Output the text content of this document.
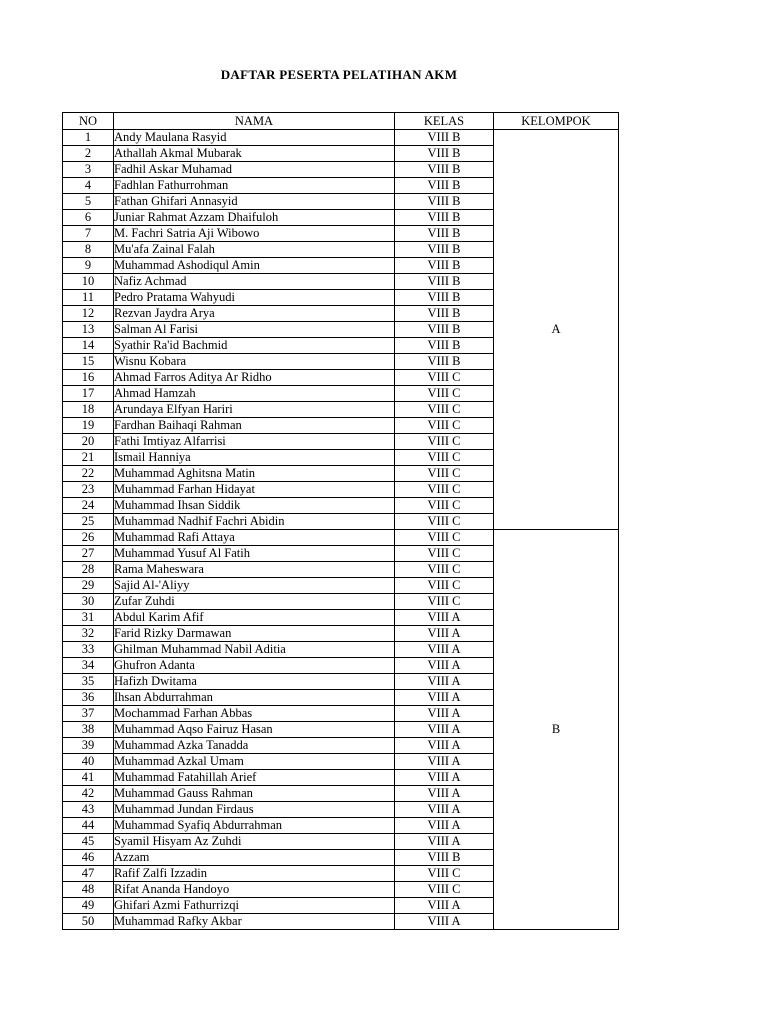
DAFTAR PESERTA PELATIHAN AKM
NO	NAMA	KELAS	KELOMPOK
1	Andy Maulana Rasyid	VIII B	A
2	Athallah Akmal Mubarak	VIII B	
3	Fadhil Askar Muhamad	VIII B	
4	Fadhlan Fathurrohman	VIII B	
5	Fathan Ghifari Annasyid	VIII B	
6	Juniar Rahmat Azzam Dhaifuloh	VIII B	
7	M. Fachri Satria Aji Wibowo	VIII B	
8	Mu'afa Zainal Falah	VIII B	
9	Muhammad Ashodiqul Amin	VIII B	
10	Nafiz Achmad	VIII B	
11	Pedro Pratama Wahyudi	VIII B	
12	Rezvan Jaydra Arya	VIII B	
13	Salman Al Farisi	VIII B	
14	Syathir Ra'id Bachmid	VIII B	
15	Wisnu Kobara	VIII B	
16	Ahmad Farros Aditya Ar Ridho	VIII C	
17	Ahmad Hamzah	VIII C	
18	Arundaya Elfyan Hariri	VIII C	
19	Fardhan Baihaqi Rahman	VIII C	
20	Fathi Imtiyaz Alfarrisi	VIII C	
21	Ismail Hanniya	VIII C	
22	Muhammad Aghitsna Matin	VIII C	
23	Muhammad Farhan Hidayat	VIII C	
24	Muhammad Ihsan Siddik	VIII C	
25	Muhammad Nadhif Fachri Abidin	VIII C	
26	Muhammad Rafi Attaya	VIII C	B
27	Muhammad Yusuf Al Fatih	VIII C	
28	Rama Maheswara	VIII C	
29	Sajid Al-'Aliyy	VIII C	
30	Zufar Zuhdi	VIII C	
31	Abdul Karim Afif	VIII A	
32	Farid Rizky Darmawan	VIII A	
33	Ghilman Muhammad Nabil Aditia	VIII A	
34	Ghufron Adanta	VIII A	
35	Hafizh Dwitama	VIII A	
36	Ihsan Abdurrahman	VIII A	
37	Mochammad Farhan Abbas	VIII A	
38	Muhammad Aqso Fairuz Hasan	VIII A	
39	Muhammad Azka Tanadda	VIII A	
40	Muhammad Azkal Umam	VIII A	
41	Muhammad Fatahillah Arief	VIII A	
42	Muhammad Gauss Rahman	VIII A	
43	Muhammad Jundan Firdaus	VIII A	
44	Muhammad Syafiq Abdurrahman	VIII A	
45	Syamil Hisyam Az Zuhdi	VIII A	
46	Azzam	VIII B	
47	Rafif Zalfi Izzadin	VIII C	
48	Rifat Ananda Handoyo	VIII C	
49	Ghifari Azmi Fathurrizqi	VIII A	
50	Muhammad Rafky Akbar	VIII A	
